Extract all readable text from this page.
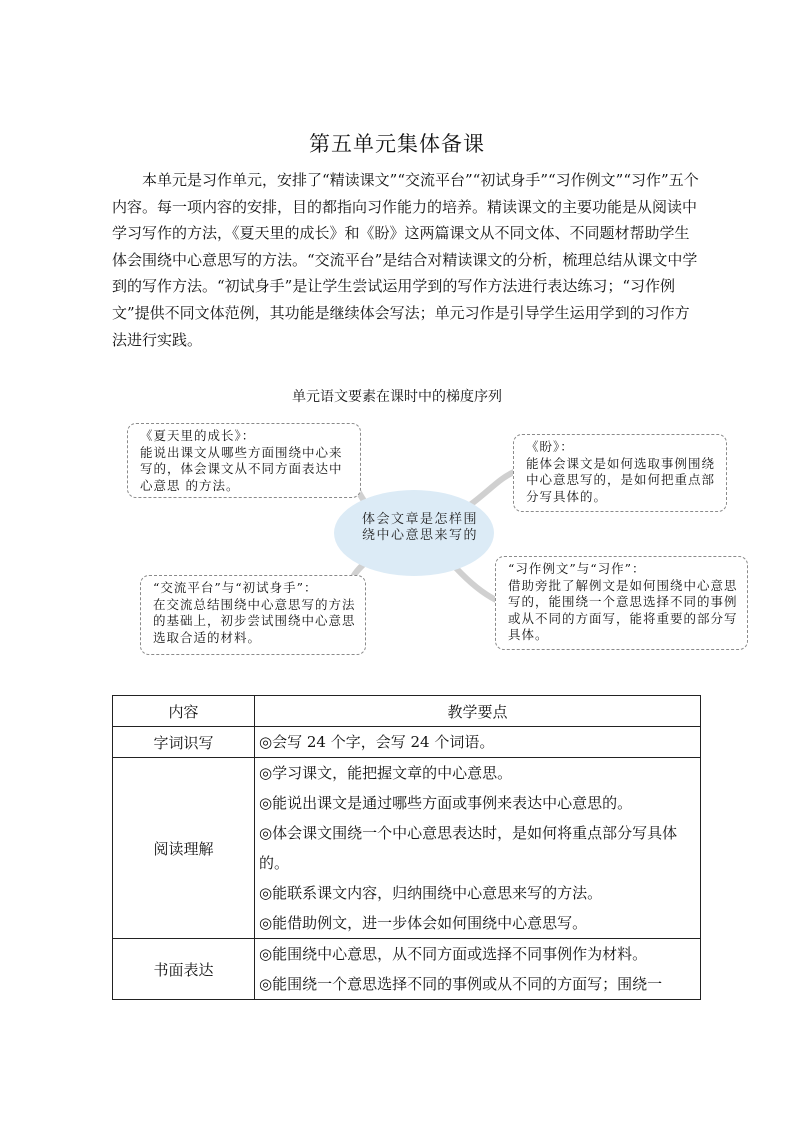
第五单元集体备课

本单元是习作单元，安排了“精读课文”“交流平台”“初试身手”“习作例文”“习作”五个内容。每一项内容的安排，目的都指向习作能力的培养。精读课文的主要功能是从阅读中学习写作的方法，《夏天里的成长》和《盼》这两篇课文从不同文体、不同题材帮助学生体会围绕中心意思写的方法。“交流平台”是结合对精读课文的分析，梳理总结从课文中学到的写作方法。“初试身手”是让学生尝试运用学到的写作方法进行表达练习；“习作例文”提供不同文体范例，其功能是继续体会写法；单元习作是引导学生运用学到的习作方法进行实践。

单元语文要素在课时中的梯度序列
体会文章是怎样围绕中心意思来写的
《夏天里的成长》：
能说出课文从哪些方面围绕中心来写的，体会课文从不同方面表达中心意思 的方法。
《盼》：
能体会课文是如何选取事例围绕中心意思写的，是如何把重点部分写具体的。
“交流平台”与“初试身手”：
在交流总结围绕中心意思写的方法的基础上，初步尝试围绕中心意思选取合适的材料。
“习作例文”与“习作”：
借助旁批了解例文是如何围绕中心意思写的，能围绕一个意思选择不同的事例或从不同的方面写，能将重要的部分写具体。
内容	教学要点
字词识写	◎会写 24 个字，会写 24 个词语。

阅读理解	◎学习课文，能把握文章的中心意思。
◎能说出课文是通过哪些方面或事例来表达中心意思的。
◎体会课文围绕一个中心意思表达时，是如何将重点部分写具体的。
◎能联系课文内容，归纳围绕中心意思来写的方法。
◎能借助例文，进一步体会如何围绕中心意思写。

书面表达	◎能围绕中心意思，从不同方面或选择不同事例作为材料。
◎能围绕一个意思选择不同的事例或从不同的方面写；围绕一
